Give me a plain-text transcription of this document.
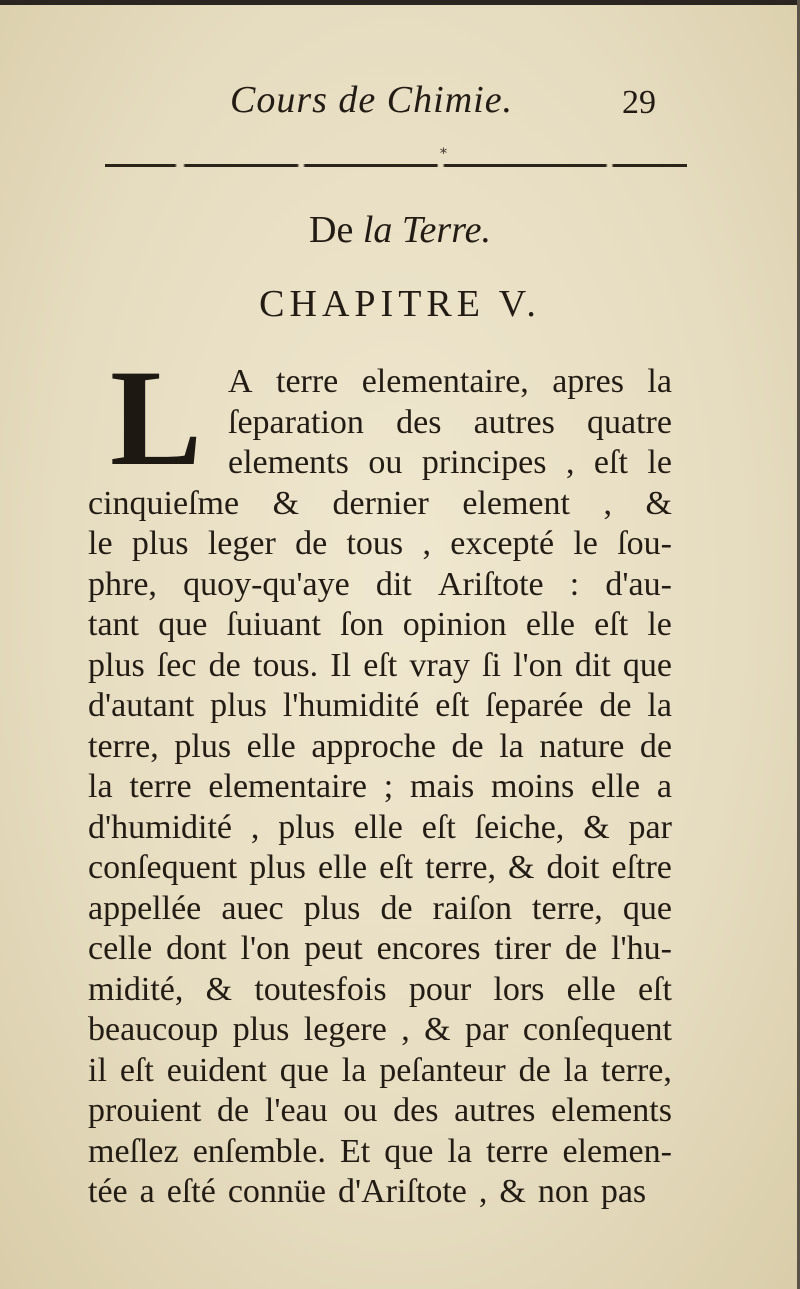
Cours de Chimie.	29
*
De la Terre.
CHAPITRE V.
L A terre elementaire, apres la
ſeparation des autres quatre
elements ou principes , eſt le
cinquieſme & dernier element , &
le plus leger de tous , excepté le ſou-
phre, quoy-qu'aye dit Ariſtote : d'au-
tant que ſuiuant ſon opinion elle eſt le
plus ſec de tous. Il eſt vray ſi l'on dit que
d'autant plus l'humidité eſt ſeparée de la
terre, plus elle approche de la nature de
la terre elementaire ; mais moins elle a
d'humidité , plus elle eſt ſeiche, & par
conſequent plus elle eſt terre, & doit eſtre
appellée auec plus de raiſon terre, que
celle dont l'on peut encores tirer de l'hu-
midité, & toutesfois pour lors elle eſt
beaucoup plus legere , & par conſequent
il eſt euident que la peſanteur de la terre,
prouient de l'eau ou des autres elements
meſlez enſemble. Et que la terre elemen-
tée a eſté connüe d'Ariſtote , & non pas
